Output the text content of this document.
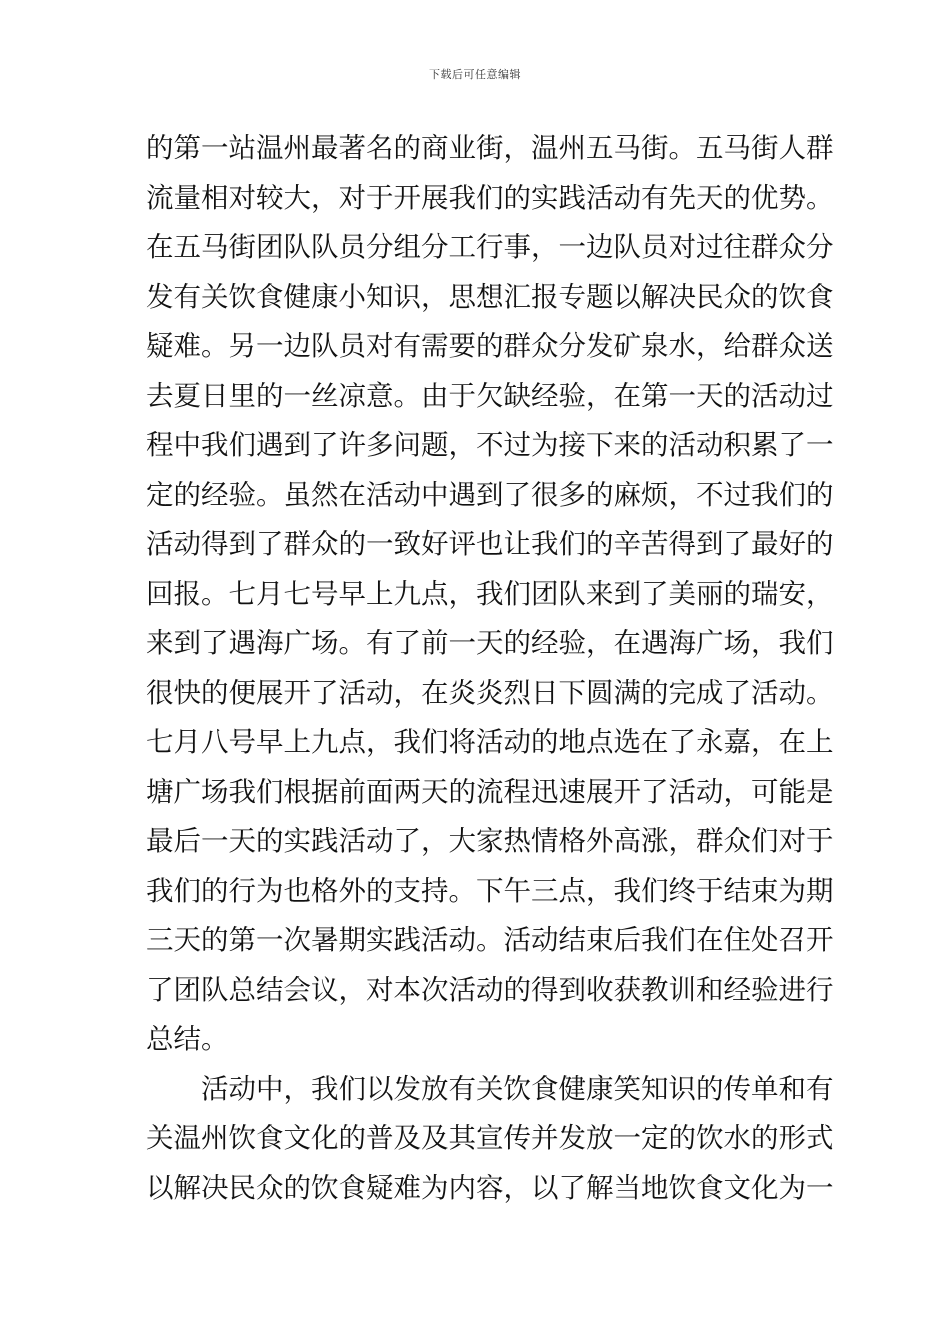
下载后可任意编辑
的第一站温州最著名的商业街，温州五马街。五马街人群
流量相对较大，对于开展我们的实践活动有先天的优势。
在五马街团队队员分组分工行事，一边队员对过往群众分
发有关饮食健康小知识，思想汇报专题以解决民众的饮食
疑难。另一边队员对有需要的群众分发矿泉水，给群众送
去夏日里的一丝凉意。由于欠缺经验，在第一天的活动过
程中我们遇到了许多问题，不过为接下来的活动积累了一
定的经验。虽然在活动中遇到了很多的麻烦，不过我们的
活动得到了群众的一致好评也让我们的辛苦得到了最好的
回报。七月七号早上九点，我们团队来到了美丽的瑞安，
来到了遇海广场。有了前一天的经验，在遇海广场，我们
很快的便展开了活动，在炎炎烈日下圆满的完成了活动。
七月八号早上九点，我们将活动的地点选在了永嘉，在上
塘广场我们根据前面两天的流程迅速展开了活动，可能是
最后一天的实践活动了，大家热情格外高涨，群众们对于
我们的行为也格外的支持。下午三点，我们终于结束为期
三天的第一次暑期实践活动。活动结束后我们在住处召开
了团队总结会议，对本次活动的得到收获教训和经验进行
总结。
活动中，我们以发放有关饮食健康笑知识的传单和有
关温州饮食文化的普及及其宣传并发放一定的饮水的形式
以解决民众的饮食疑难为内容，以了解当地饮食文化为一
